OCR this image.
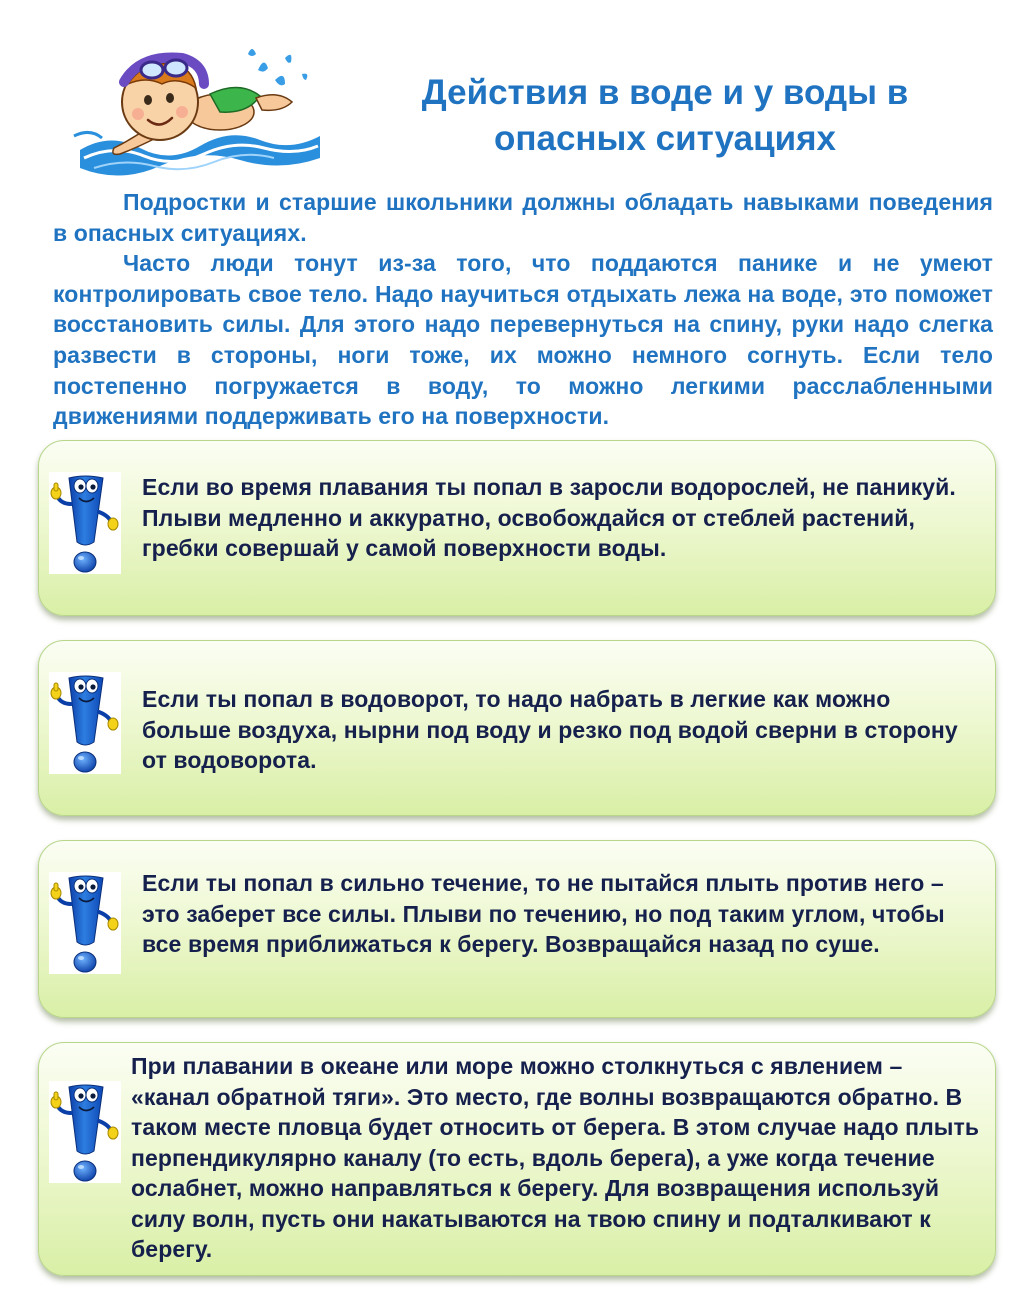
Действия в воде и у воды в
опасных ситуациях

Подростки и старшие школьники должны обладать навыками поведения в опасных ситуациях.

Часто люди тонут из-за того, что поддаются панике и не умеют контролировать свое тело. Надо научиться отдыхать лежа на воде, это поможет восстановить силы. Для этого надо перевернуться на спину, руки надо слегка развести в стороны, ноги тоже, их можно немного согнуть. Если тело постепенно погружается в воду, то можно легкими расслабленными движениями поддерживать его на поверхности.

Если во время плавания ты попал в заросли водорослей, не паникуй. Плыви медленно и аккуратно, освобождайся от стеблей растений, гребки совершай у самой поверхности воды.

Если ты попал в водоворот, то надо набрать в легкие как можно больше воздуха, нырни под воду и резко под водой сверни в сторону от водоворота.

Если ты попал в сильно течение, то не пытайся плыть против него – это заберет все силы. Плыви по течению, но под таким углом, чтобы все время приближаться к берегу. Возвращайся назад по суше.

При плавании в океане или море можно столкнуться с явлением – «канал обратной тяги». Это место, где волны возвращаются обратно. В таком месте пловца будет относить от берега. В этом случае надо плыть перпендикулярно каналу (то есть, вдоль берега), а уже когда течение ослабнет, можно направляться к берегу. Для возвращения используй силу волн, пусть они накатываются на твою спину и подталкивают к берегу.
